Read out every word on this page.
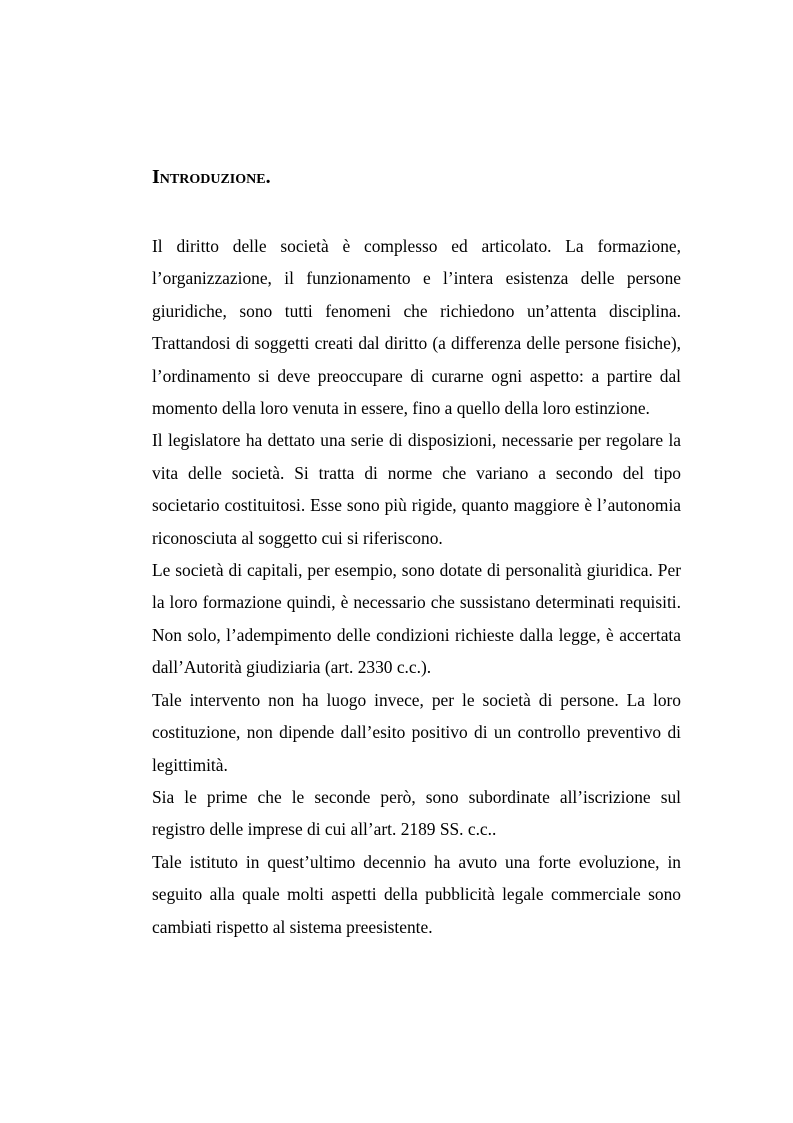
Introduzione.

Il diritto delle società è complesso ed articolato. La formazione, l’organizzazione, il funzionamento e l’intera esistenza delle persone giuridiche, sono tutti fenomeni che richiedono un’attenta disciplina. Trattandosi di soggetti creati dal diritto (a differenza delle persone fisiche), l’ordinamento si deve preoccupare di curarne ogni aspetto: a partire dal momento della loro venuta in essere, fino a quello della loro estinzione.

Il legislatore ha dettato una serie di disposizioni, necessarie per regolare la vita delle società. Si tratta di norme che variano a secondo del tipo societario costituitosi. Esse sono più rigide, quanto maggiore è l’autonomia riconosciuta al soggetto cui si riferiscono.

Le società di capitali, per esempio, sono dotate di personalità giuridica. Per la loro formazione quindi, è necessario che sussistano determinati requisiti. Non solo, l’adempimento delle condizioni richieste dalla legge, è accertata dall’Autorità giudiziaria (art. 2330 c.c.).

Tale intervento non ha luogo invece, per le società di persone. La loro costituzione, non dipende dall’esito positivo di un controllo preventivo di legittimità.

Sia le prime che le seconde però, sono subordinate all’iscrizione sul registro delle imprese di cui all’art. 2189 SS. c.c..

Tale istituto in quest’ultimo decennio ha avuto una forte evoluzione, in seguito alla quale molti aspetti della pubblicità legale commerciale sono cambiati rispetto al sistema preesistente.
